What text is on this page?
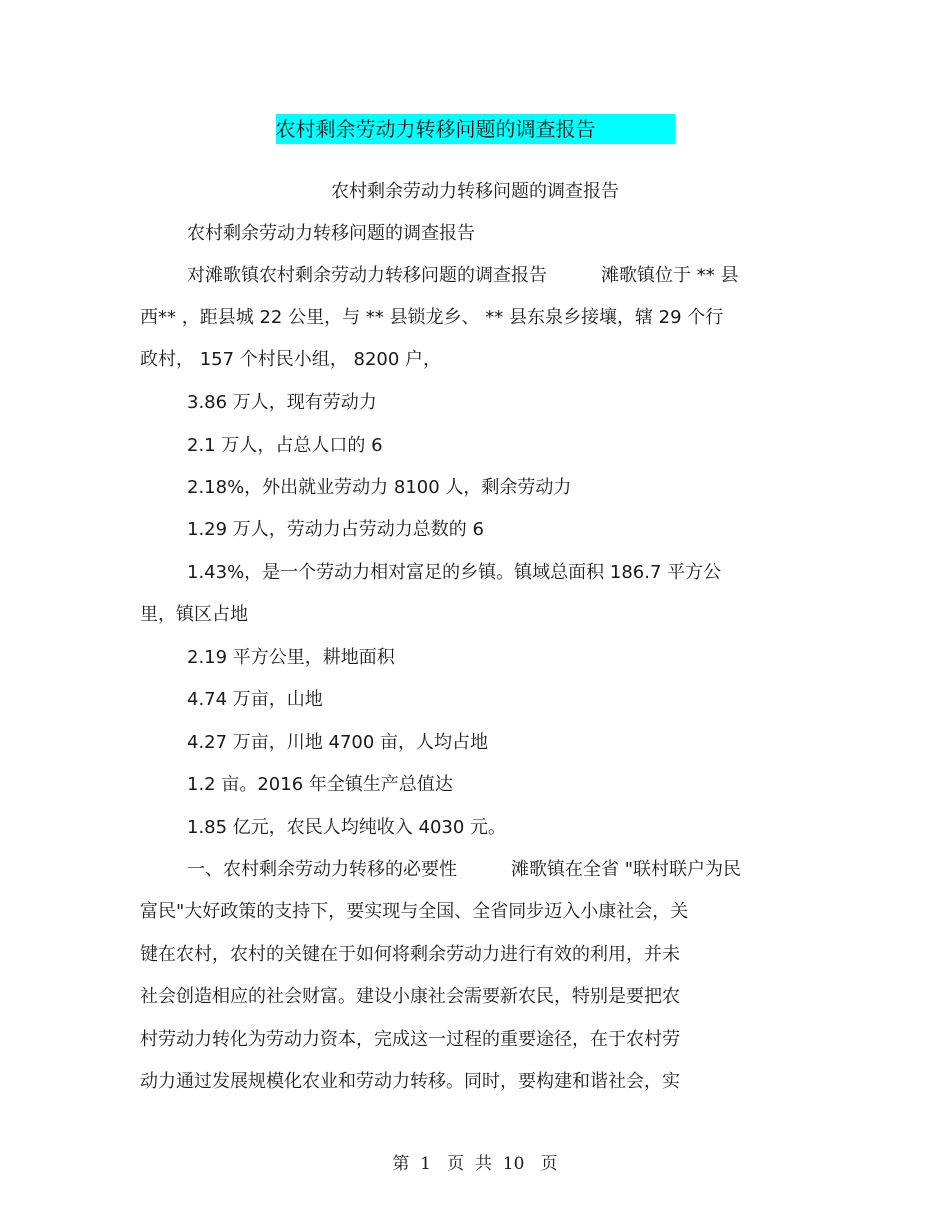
农村剩余劳动力转移问题的调查报告
农村剩余劳动力转移问题的调查报告
农村剩余劳动力转移问题的调查报告
对滩歌镇农村剩余劳动力转移问题的调查报告　　　滩歌镇位于 ** 县
西** ，距县城 22 公里，与 ** 县锁龙乡、 ** 县东泉乡接壤，辖 29 个行
政村， 157 个村民小组， 8200 户，
3.86 万人，现有劳动力
2.1 万人，占总人口的 6
2.18%，外出就业劳动力 8100 人，剩余劳动力
1.29 万人，劳动力占劳动力总数的 6
1.43%，是一个劳动力相对富足的乡镇。镇域总面积 186.7 平方公
里，镇区占地
2.19 平方公里，耕地面积
4.74 万亩，山地
4.27 万亩，川地 4700 亩，人均占地
1.2 亩。2016 年全镇生产总值达
1.85 亿元，农民人均纯收入 4030 元。
一、农村剩余劳动力转移的必要性　　　滩歌镇在全省 "联村联户为民
富民"大好政策的支持下，要实现与全国、全省同步迈入小康社会，关
键在农村，农村的关键在于如何将剩余劳动力进行有效的利用，并未
社会创造相应的社会财富。建设小康社会需要新农民，特别是要把农
村劳动力转化为劳动力资本，完成这一过程的重要途径，在于农村劳
动力通过发展规模化农业和劳动力转移。同时，要构建和谐社会，实
第  1   页  共  10   页
